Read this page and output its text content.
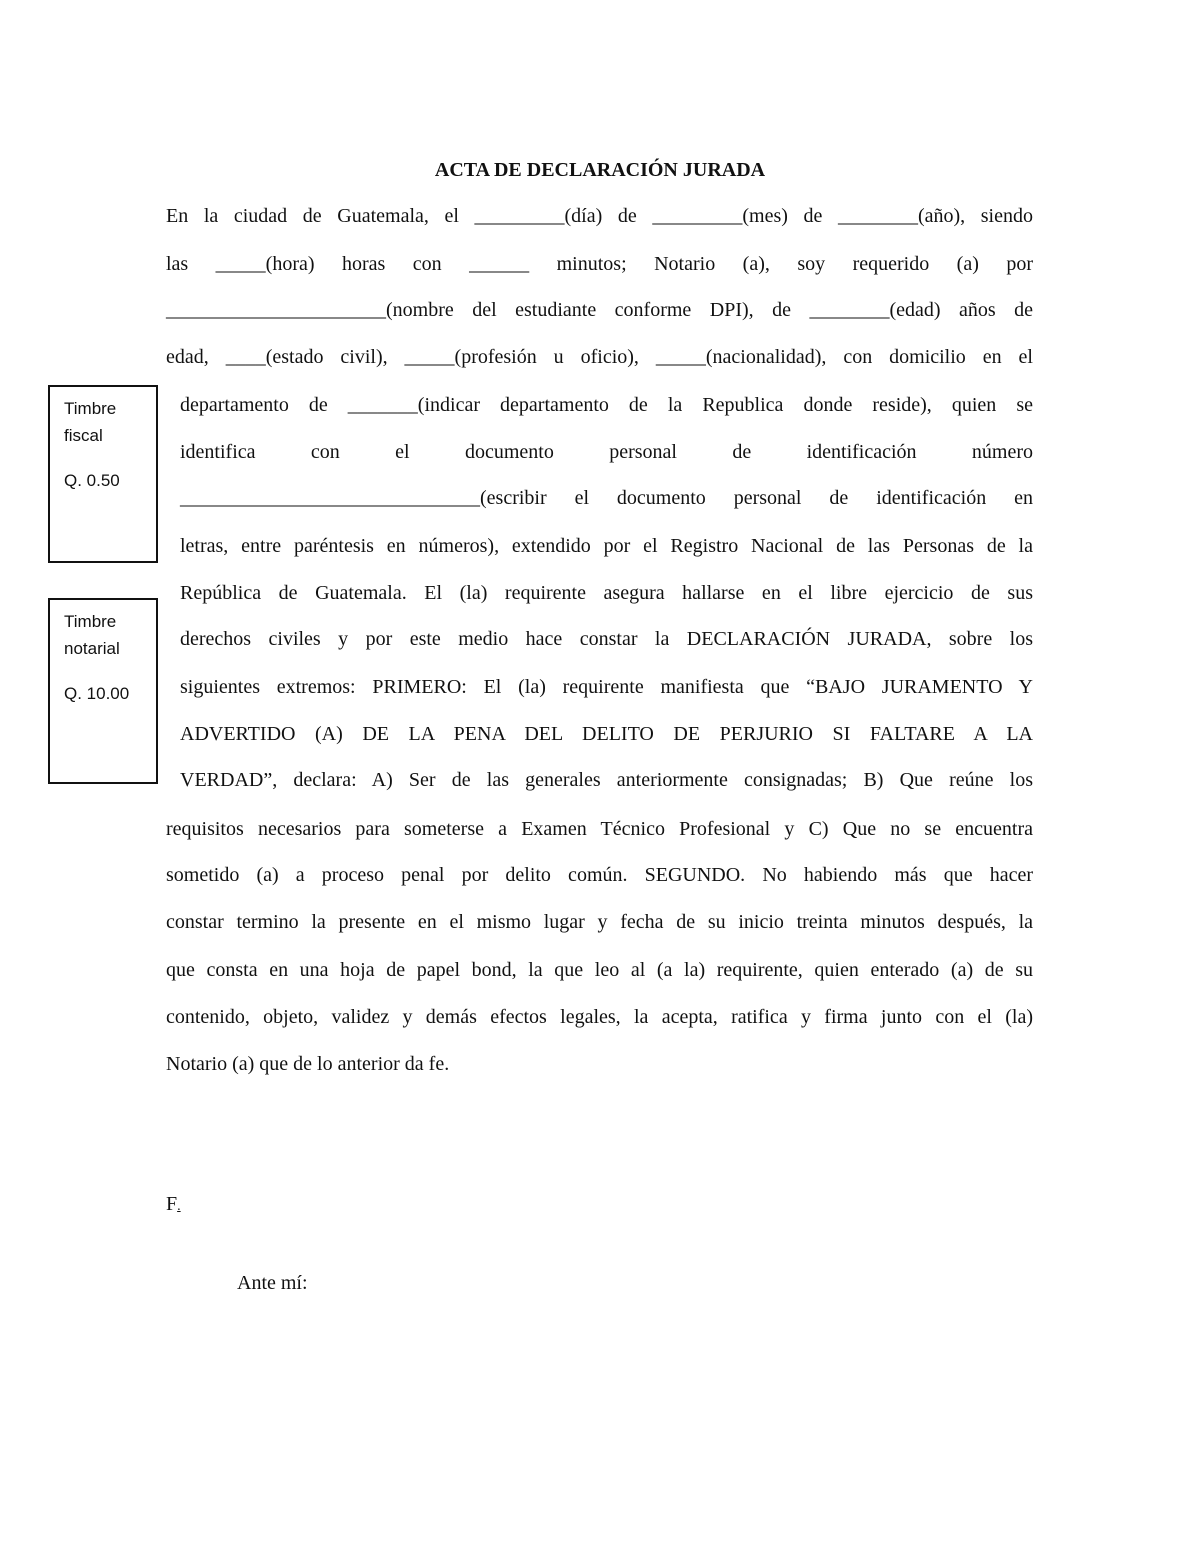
ACTA DE DECLARACIÓN JURADA
En la ciudad de Guatemala, el _________(día) de _________(mes) de ________(año), siendo
las _____(hora) horas con ______ minutos; Notario (a), soy requerido (a) por
______________________(nombre del estudiante conforme DPI), de ________(edad) años de
edad, ____(estado civil), _____(profesión u oficio), _____(nacionalidad), con domicilio en el
departamento de _______(indicar departamento de la Republica donde reside), quien se
identifica con el documento personal de identificación número
______________________________(escribir el documento personal de identificación en
letras, entre paréntesis en números), extendido por el Registro Nacional de las Personas de la
República de Guatemala. El (la) requirente asegura hallarse en el libre ejercicio de sus
derechos civiles y por este medio hace constar la DECLARACIÓN JURADA, sobre los
siguientes extremos: PRIMERO: El (la) requirente manifiesta que “BAJO JURAMENTO Y
ADVERTIDO (A) DE LA PENA DEL DELITO DE PERJURIO SI FALTARE A LA
VERDAD”, declara: A) Ser de las generales anteriormente consignadas; B) Que reúne los
requisitos necesarios para someterse a Examen Técnico Profesional y C) Que no se encuentra
sometido (a) a proceso penal por delito común. SEGUNDO. No habiendo más que hacer
constar termino la presente en el mismo lugar y fecha de su inicio treinta minutos después, la
que consta en una hoja de papel bond, la que leo al (a la) requirente, quien enterado (a) de su
contenido, objeto, validez y demás efectos legales, la acepta, ratifica y firma junto con el (la)
Notario (a) que de lo anterior da fe.
Timbre
fiscal
Q. 0.50
Timbre
notarial
Q. 10.00
F.
Ante mí:
